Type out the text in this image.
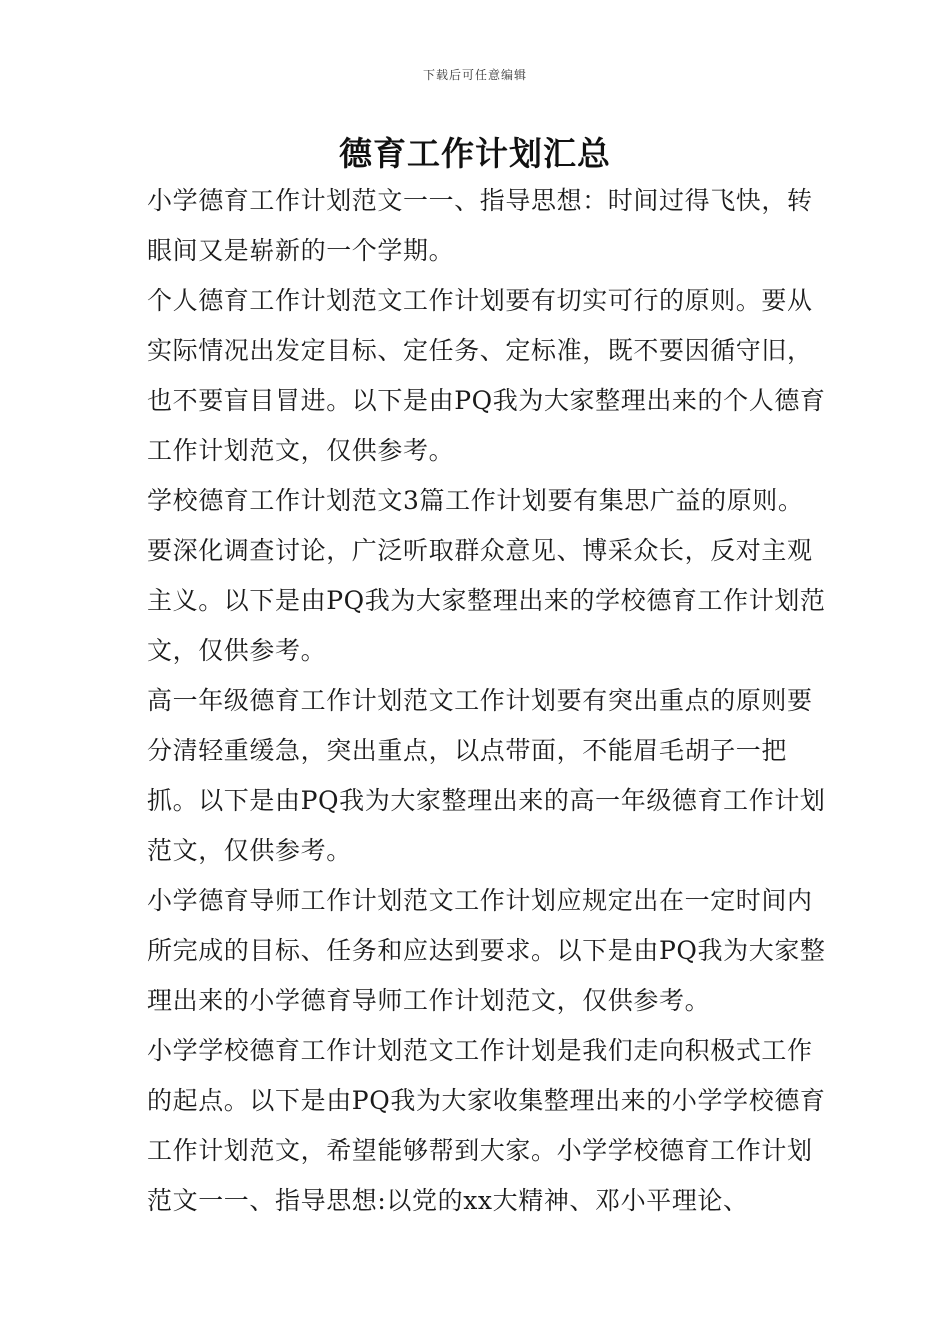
下载后可任意编辑
德育工作计划汇总

小学德育工作计划范文一一、指导思想：时间过得飞快，转眼间又是崭新的一个学期。

个人德育工作计划范文工作计划要有切实可行的原则。要从实际情况出发定目标、定任务、定标准，既不要因循守旧，也不要盲目冒进。以下是由PQ我为大家整理出来的个人德育工作计划范文，仅供参考。

学校德育工作计划范文3篇工作计划要有集思广益的原则。要深化调查讨论，广泛听取群众意见、博采众长，反对主观主义。以下是由PQ我为大家整理出来的学校德育工作计划范文，仅供参考。

高一年级德育工作计划范文工作计划要有突出重点的原则要分清轻重缓急，突出重点，以点带面，不能眉毛胡子一把抓。以下是由PQ我为大家整理出来的高一年级德育工作计划范文，仅供参考。

小学德育导师工作计划范文工作计划应规定出在一定时间内所完成的目标、任务和应达到要求。以下是由PQ我为大家整理出来的小学德育导师工作计划范文，仅供参考。

小学学校德育工作计划范文工作计划是我们走向积极式工作的起点。以下是由PQ我为大家收集整理出来的小学学校德育工作计划范文，希望能够帮到大家。小学学校德育工作计划范文一一、指导思想:以党的xx大精神、邓小平理论、
